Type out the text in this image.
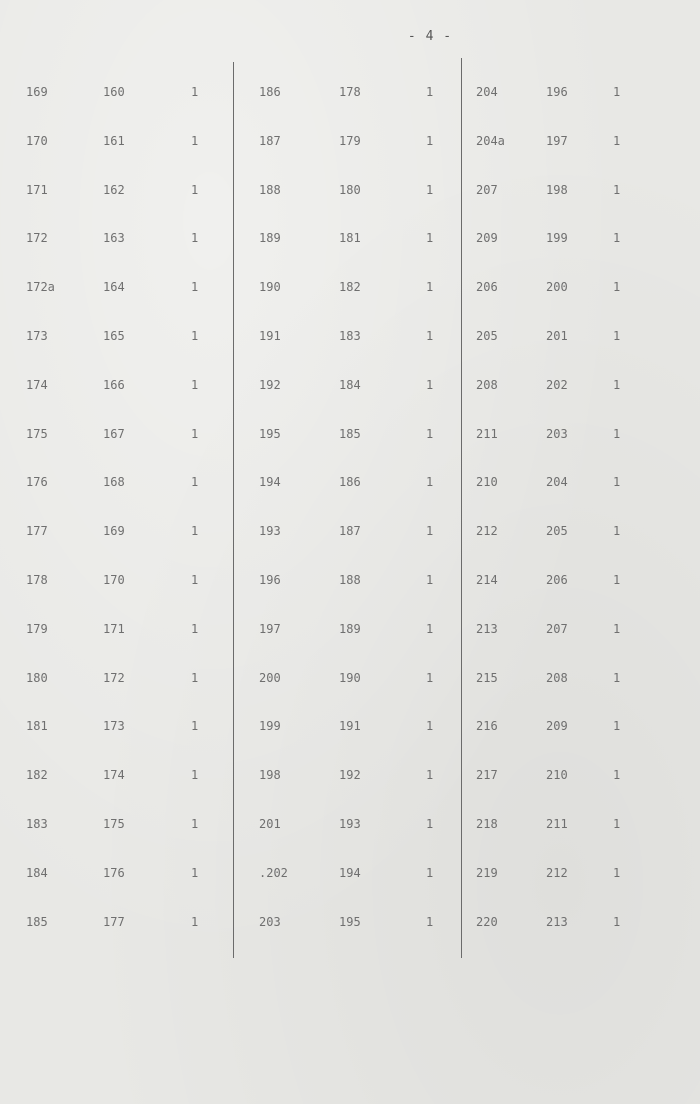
- 4 -
169	160	1	186	178	1	204	196	1
170	161	1	187	179	1	204a	197	1
171	162	1	188	180	1	207	198	1
172	163	1	189	181	1	209	199	1
172a	164	1	190	182	1	206	200	1
173	165	1	191	183	1	205	201	1
174	166	1	192	184	1	208	202	1
175	167	1	195	185	1	211	203	1
176	168	1	194	186	1	210	204	1
177	169	1	193	187	1	212	205	1
178	170	1	196	188	1	214	206	1
179	171	1	197	189	1	213	207	1
180	172	1	200	190	1	215	208	1
181	173	1	199	191	1	216	209	1
182	174	1	198	192	1	217	210	1
183	175	1	201	193	1	218	211	1
184	176	1	.202	194	1	219	212	1
185	177	1	203	195	1	220	213	1
